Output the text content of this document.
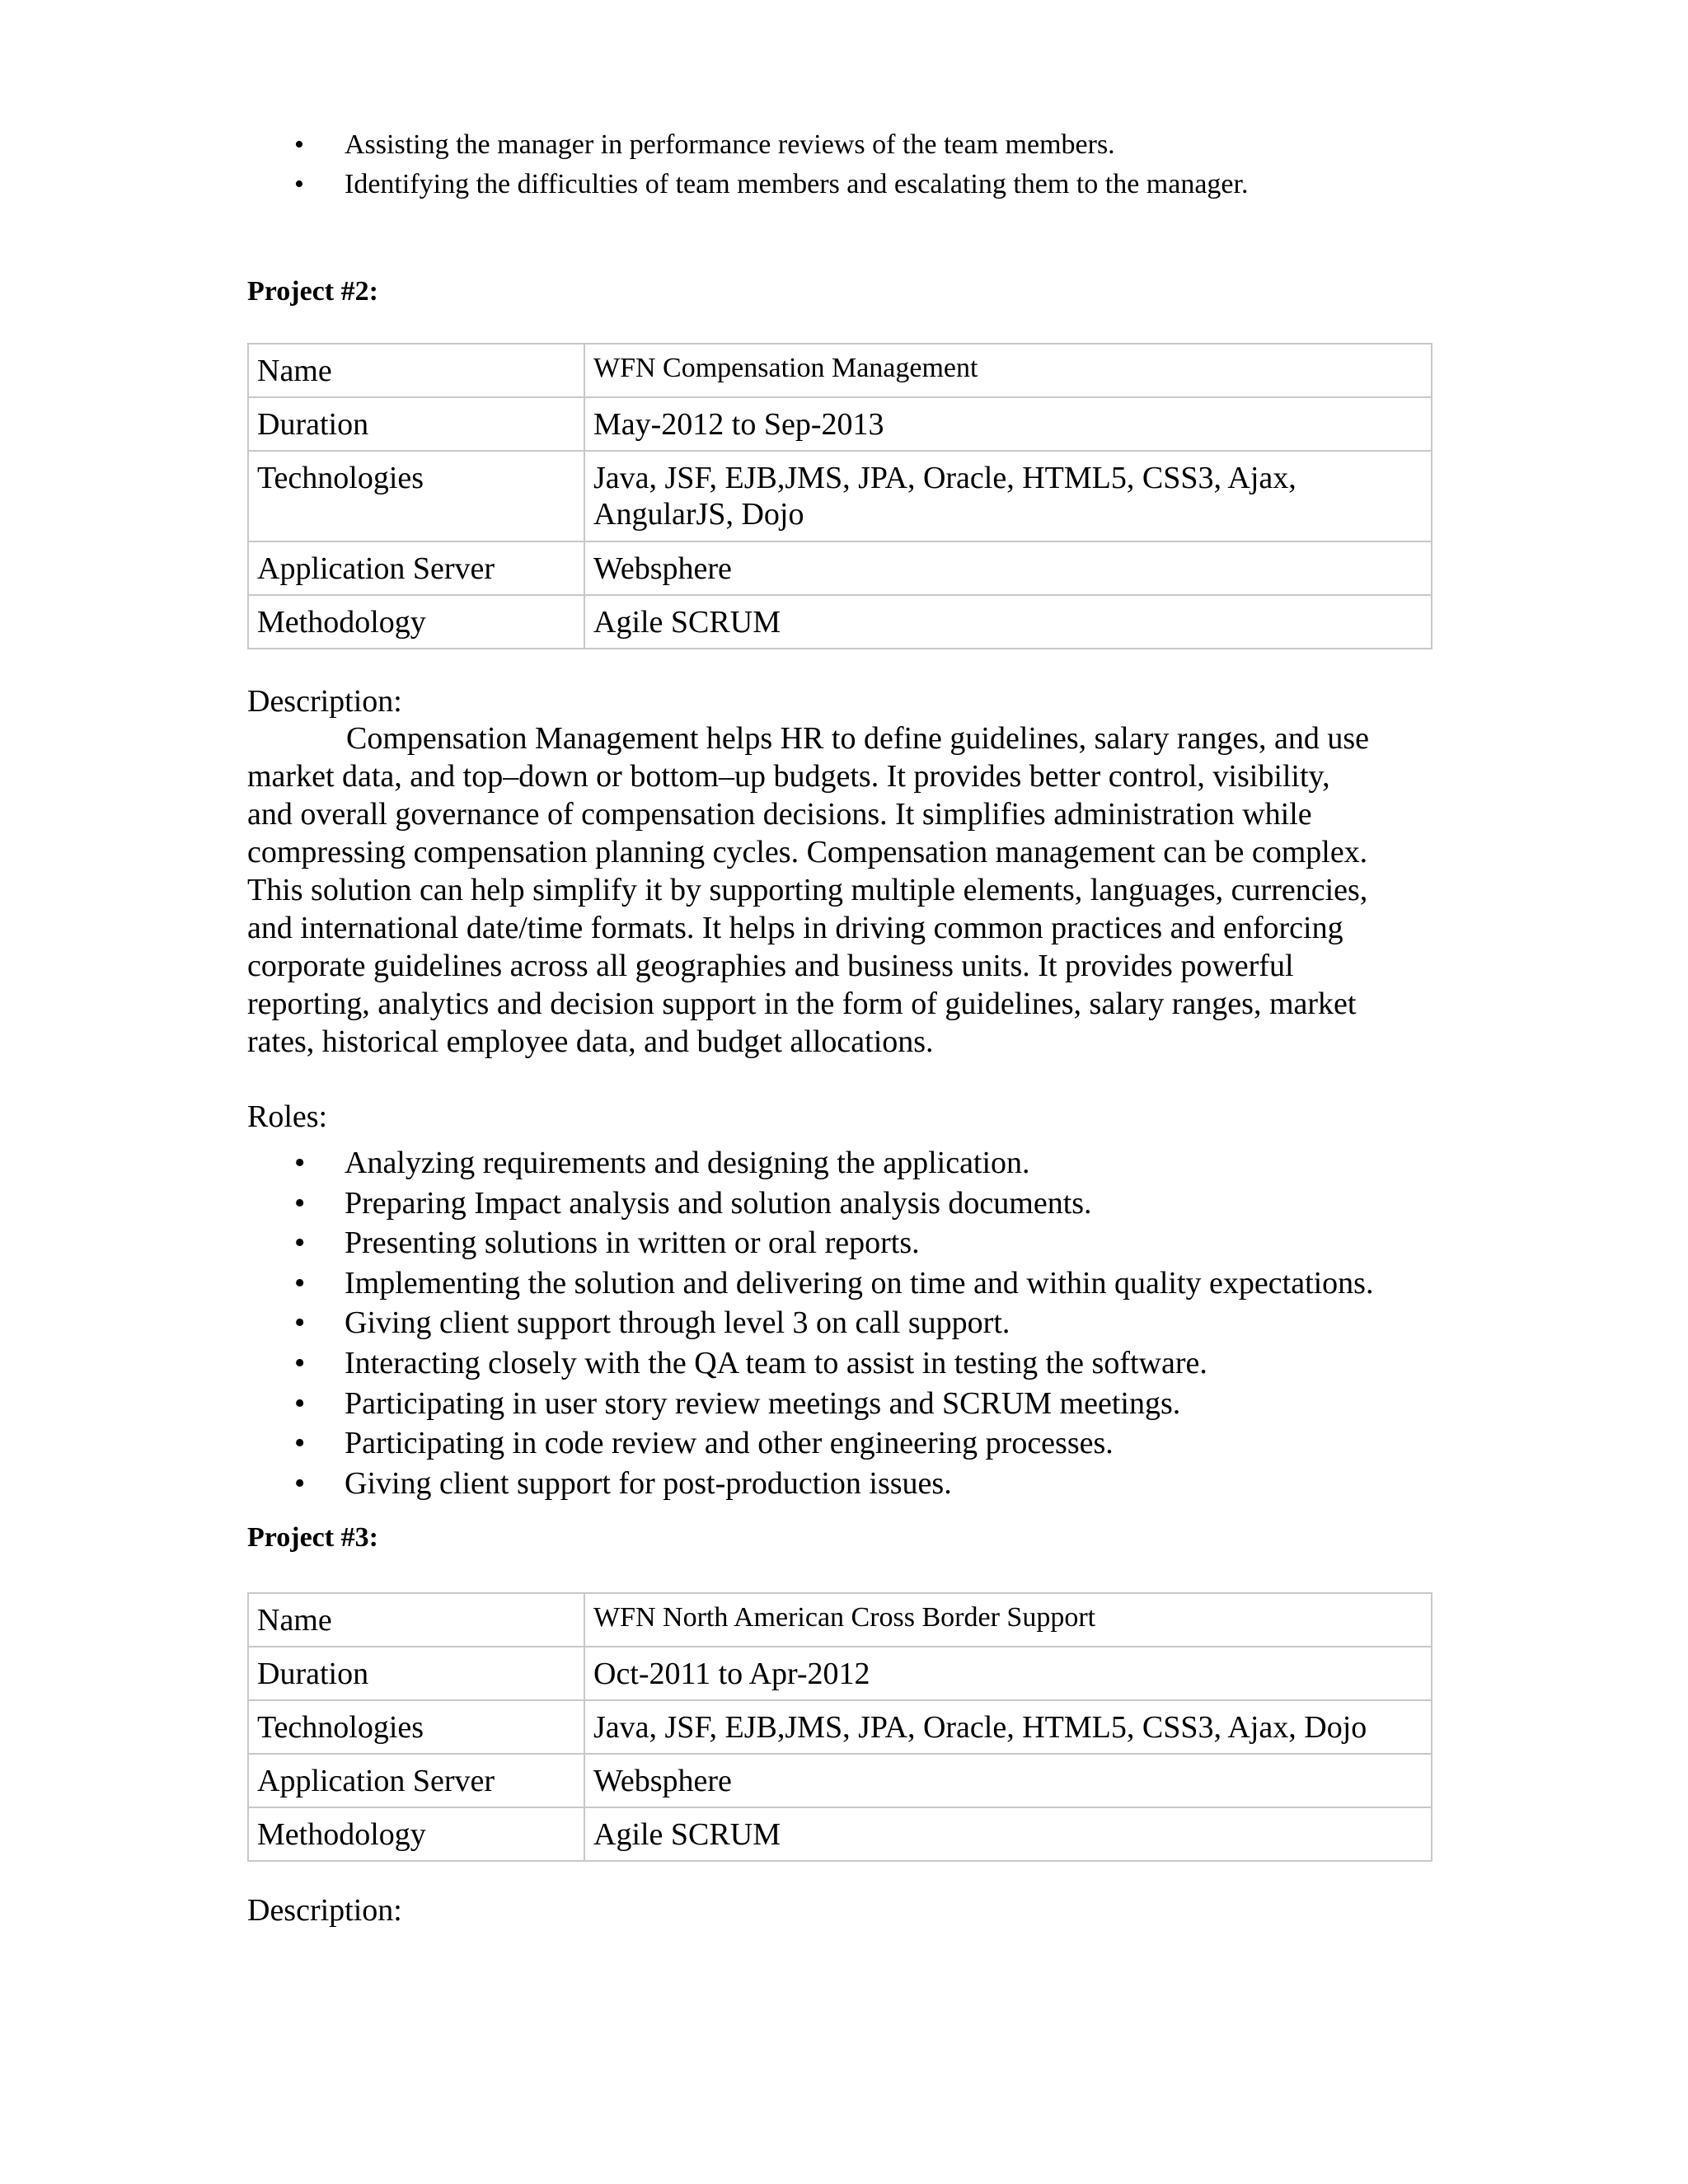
• Assisting the manager in performance reviews of the team members.
• Identifying the difficulties of team members and escalating them to the manager.
Project #2:
Name	WFN Compensation Management
Duration	May-2012 to Sep-2013
Technologies	Java, JSF, EJB,JMS, JPA, Oracle, HTML5, CSS3, Ajax,
AngularJS, Dojo
Application Server	Websphere
Methodology	Agile SCRUM
Description:

Compensation Management helps HR to define guidelines, salary ranges, and use
market data, and top–down or bottom–up budgets. It provides better control, visibility,
and overall governance of compensation decisions. It simplifies administration while
compressing compensation planning cycles. Compensation management can be complex.
This solution can help simplify it by supporting multiple elements, languages, currencies,
and international date/time formats. It helps in driving common practices and enforcing
corporate guidelines across all geographies and business units. It provides powerful
reporting, analytics and decision support in the form of guidelines, salary ranges, market
rates, historical employee data, and budget allocations.

Roles:
• Analyzing requirements and designing the application.
• Preparing Impact analysis and solution analysis documents.
• Presenting solutions in written or oral reports.
• Implementing the solution and delivering on time and within quality expectations.
• Giving client support through level 3 on call support.
• Interacting closely with the QA team to assist in testing the software.
• Participating in user story review meetings and SCRUM meetings.
• Participating in code review and other engineering processes.
• Giving client support for post-production issues.
Project #3:
Name	WFN North American Cross Border Support
Duration	Oct-2011 to Apr-2012
Technologies	Java, JSF, EJB,JMS, JPA, Oracle, HTML5, CSS3, Ajax, Dojo
Application Server	Websphere
Methodology	Agile SCRUM
Description:
